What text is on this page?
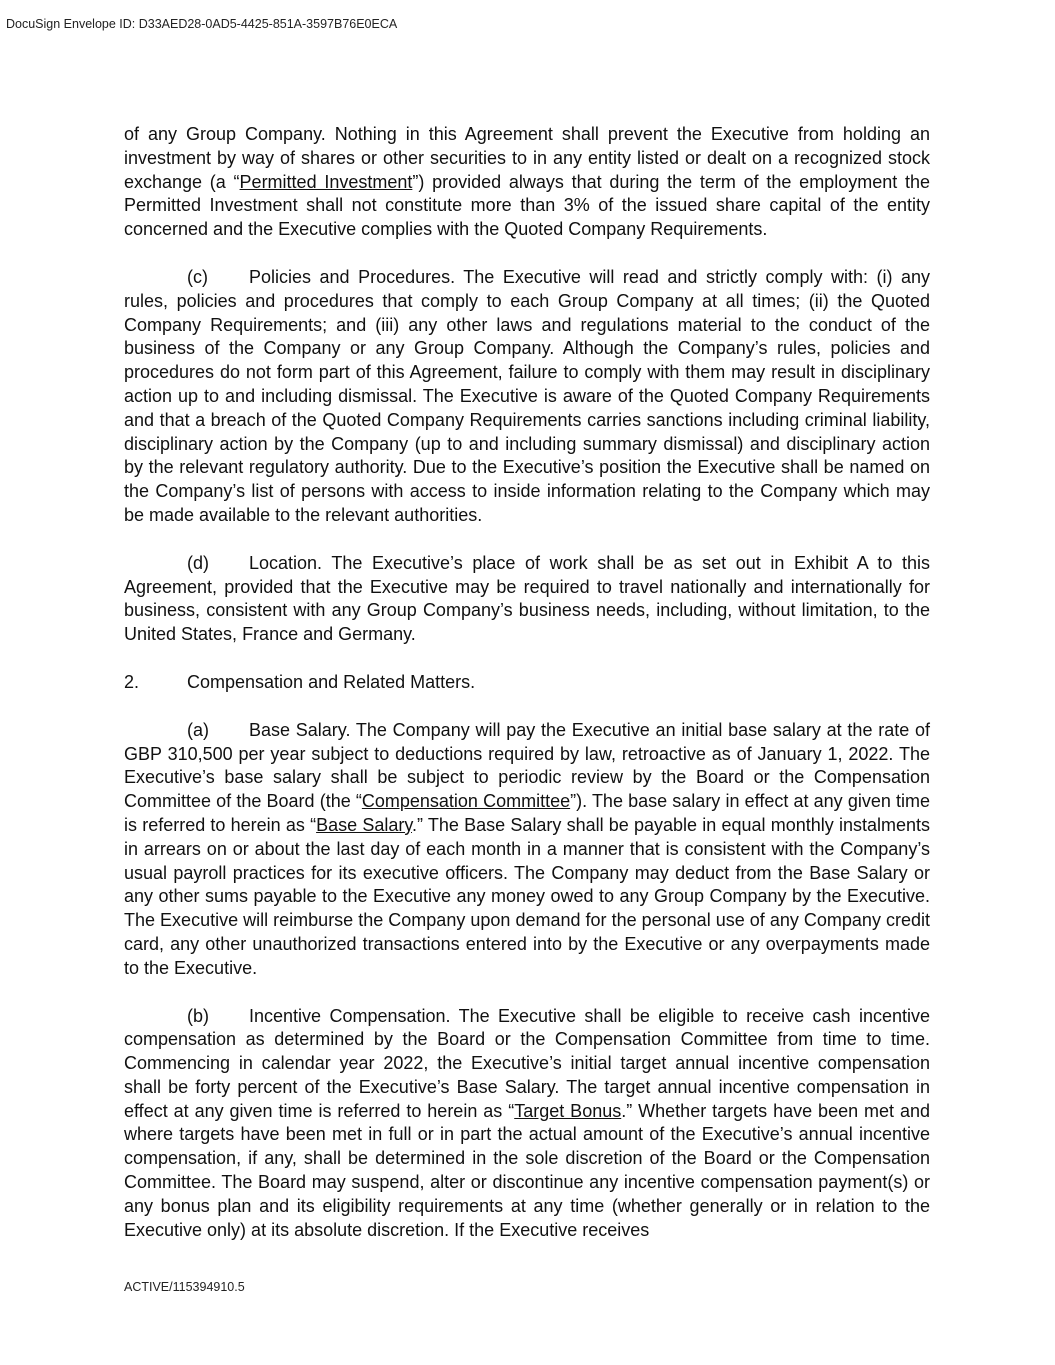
DocuSign Envelope ID: D33AED28-0AD5-4425-851A-3597B76E0ECA

of any Group Company. Nothing in this Agreement shall prevent the Executive from holding an investment by way of shares or other securities to in any entity listed or dealt on a recognized stock exchange (a “Permitted Investment”) provided always that during the term of the employment the Permitted Investment shall not constitute more than 3% of the issued share capital of the entity concerned and the Executive complies with the Quoted Company Requirements.

(c) Policies and Procedures. The Executive will read and strictly comply with: (i) any rules, policies and procedures that comply to each Group Company at all times; (ii) the Quoted Company Requirements; and (iii) any other laws and regulations material to the conduct of the business of the Company or any Group Company. Although the Company’s rules, policies and procedures do not form part of this Agreement, failure to comply with them may result in disciplinary action up to and including dismissal. The Executive is aware of the Quoted Company Requirements and that a breach of the Quoted Company Requirements carries sanctions including criminal liability, disciplinary action by the Company (up to and including summary dismissal) and disciplinary action by the relevant regulatory authority. Due to the Executive’s position the Executive shall be named on the Company’s list of persons with access to inside information relating to the Company which may be made available to the relevant authorities.

(d) Location. The Executive’s place of work shall be as set out in Exhibit A to this Agreement, provided that the Executive may be required to travel nationally and internationally for business, consistent with any Group Company’s business needs, including, without limitation, to the United States, France and Germany.

2.	Compensation and Related Matters.

(a) Base Salary. The Company will pay the Executive an initial base salary at the rate of GBP 310,500 per year subject to deductions required by law, retroactive as of January 1, 2022. The Executive’s base salary shall be subject to periodic review by the Board or the Compensation Committee of the Board (the “Compensation Committee”). The base salary in effect at any given time is referred to herein as “Base Salary.” The Base Salary shall be payable in equal monthly instalments in arrears on or about the last day of each month in a manner that is consistent with the Company’s usual payroll practices for its executive officers. The Company may deduct from the Base Salary or any other sums payable to the Executive any money owed to any Group Company by the Executive. The Executive will reimburse the Company upon demand for the personal use of any Company credit card, any other unauthorized transactions entered into by the Executive or any overpayments made to the Executive.

(b) Incentive Compensation. The Executive shall be eligible to receive cash incentive compensation as determined by the Board or the Compensation Committee from time to time. Commencing in calendar year 2022, the Executive’s initial target annual incentive compensation shall be forty percent of the Executive’s Base Salary. The target annual incentive compensation in effect at any given time is referred to herein as “Target Bonus.” Whether targets have been met and where targets have been met in full or in part the actual amount of the Executive’s annual incentive compensation, if any, shall be determined in the sole discretion of the Board or the Compensation Committee. The Board may suspend, alter or discontinue any incentive compensation payment(s) or any bonus plan and its eligibility requirements at any time (whether generally or in relation to the Executive only) at its absolute discretion. If the Executive receives

ACTIVE/115394910.5
